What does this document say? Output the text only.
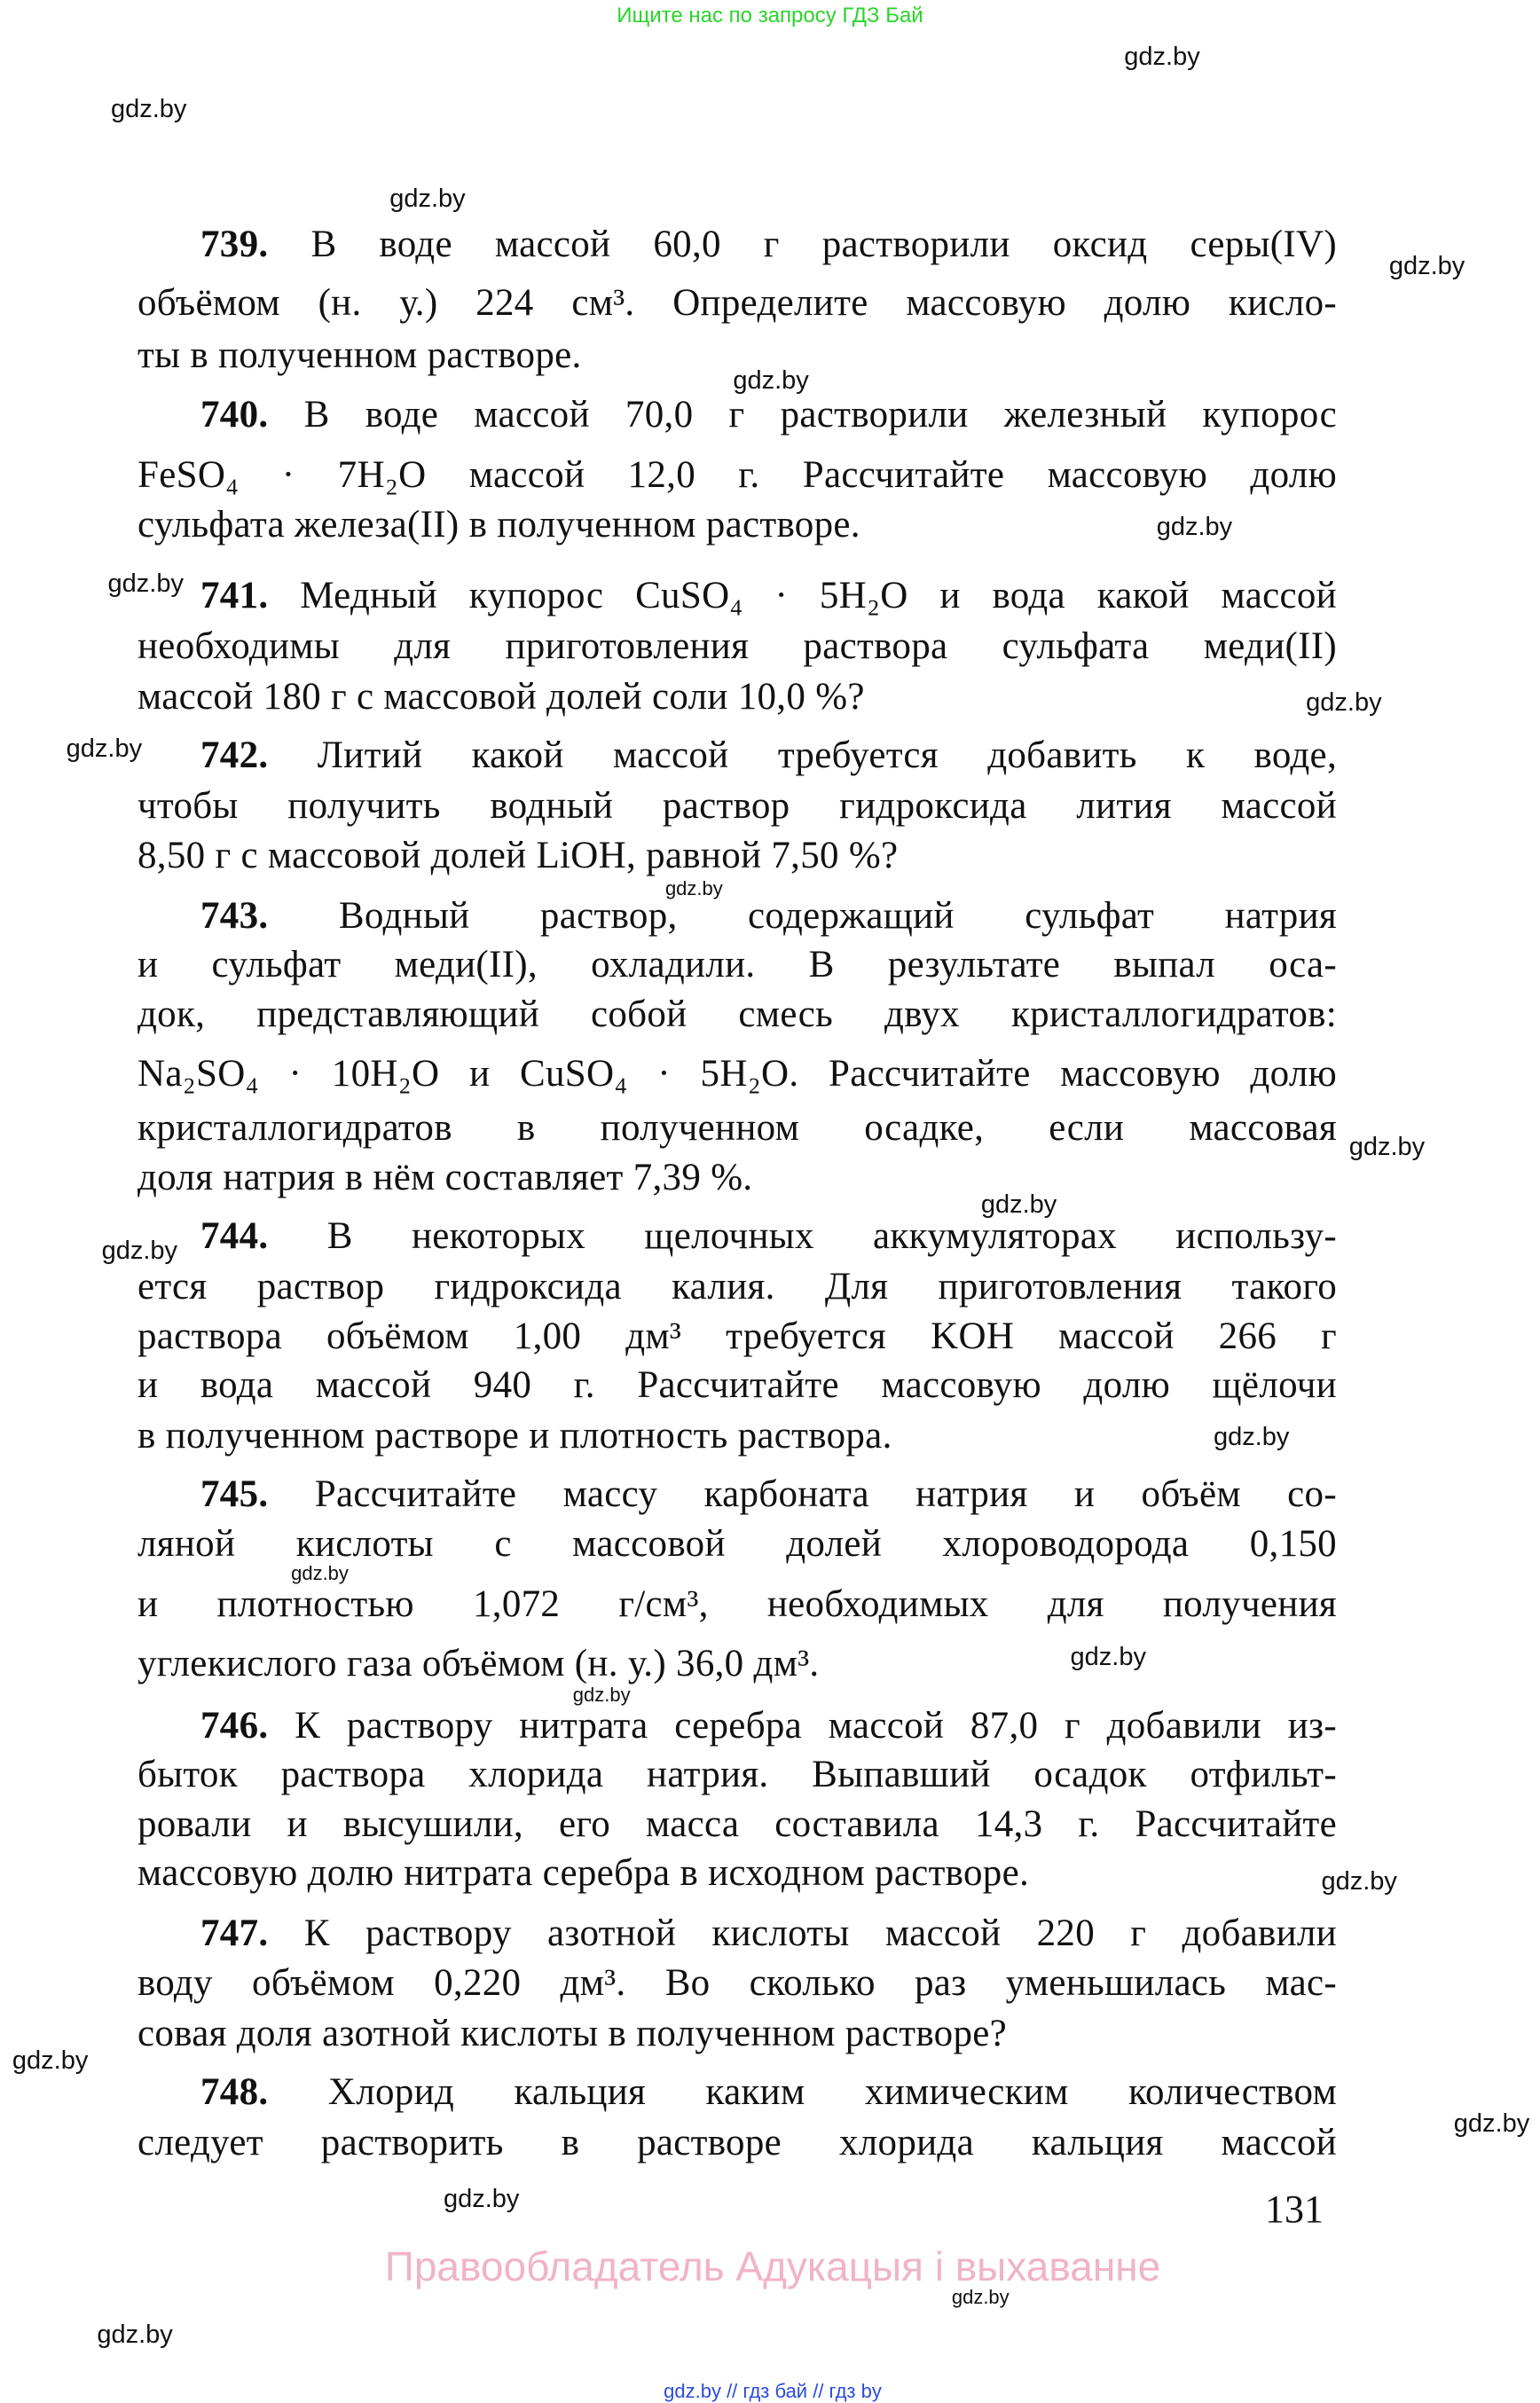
Ищите нас по запросу ГДЗ Бай
739. В воде массой 60,0 г растворили оксид серы(IV)
объёмом (н. у.) 224 см³. Определите массовую долю кисло-
ты в полученном растворе.
740. В воде массой 70,0 г растворили железный купорос
FeSO₄ · 7H₂O массой 12,0 г. Рассчитайте массовую долю
сульфата железа(II) в полученном растворе.
741. Медный купорос CuSO₄ · 5H₂O и вода какой массой
необходимы для приготовления раствора сульфата меди(II)
массой 180 г с массовой долей соли 10,0 %?
742. Литий какой массой требуется добавить к воде,
чтобы получить водный раствор гидроксида лития массой
8,50 г с массовой долей LiOH, равной 7,50 %?
743. Водный раствор, содержащий сульфат натрия
и сульфат меди(II), охладили. В результате выпал оса-
док, представляющий собой смесь двух кристаллогидратов:
Na₂SO₄ · 10H₂O и CuSO₄ · 5H₂O. Рассчитайте массовую долю
кристаллогидратов в полученном осадке, если массовая
доля натрия в нём составляет 7,39 %.
744. В некоторых щелочных аккумуляторах использу-
ется раствор гидроксида калия. Для приготовления такого
раствора объёмом 1,00 дм³ требуется KOH массой 266 г
и вода массой 940 г. Рассчитайте массовую долю щёлочи
в полученном растворе и плотность раствора.
745. Рассчитайте массу карбоната натрия и объём со-
ляной кислоты с массовой долей хлороводорода 0,150
и плотностью 1,072 г/см³, необходимых для получения
углекислого газа объёмом (н. у.) 36,0 дм³.
746. К раствору нитрата серебра массой 87,0 г добавили из-
быток раствора хлорида натрия. Выпавший осадок отфильт-
ровали и высушили, его масса составила 14,3 г. Рассчитайте
массовую долю нитрата серебра в исходном растворе.
747. К раствору азотной кислоты массой 220 г добавили
воду объёмом 0,220 дм³. Во сколько раз уменьшилась мас-
совая доля азотной кислоты в полученном растворе?
748. Хлорид кальция каким химическим количеством
следует растворить в растворе хлорида кальция массой
gdz.by
gdz.by
gdz.by
gdz.by
gdz.by
gdz.by
gdz.by
gdz.by
gdz.by
gdz.by
gdz.by
gdz.by
gdz.by
gdz.by
gdz.by
gdz.by
gdz.by
gdz.by
gdz.by
gdz.by
gdz.by
gdz.by
gdz.by
131
Правообладатель Адукацыя і выхаванне
gdz.by // гдз бай // гдз by
